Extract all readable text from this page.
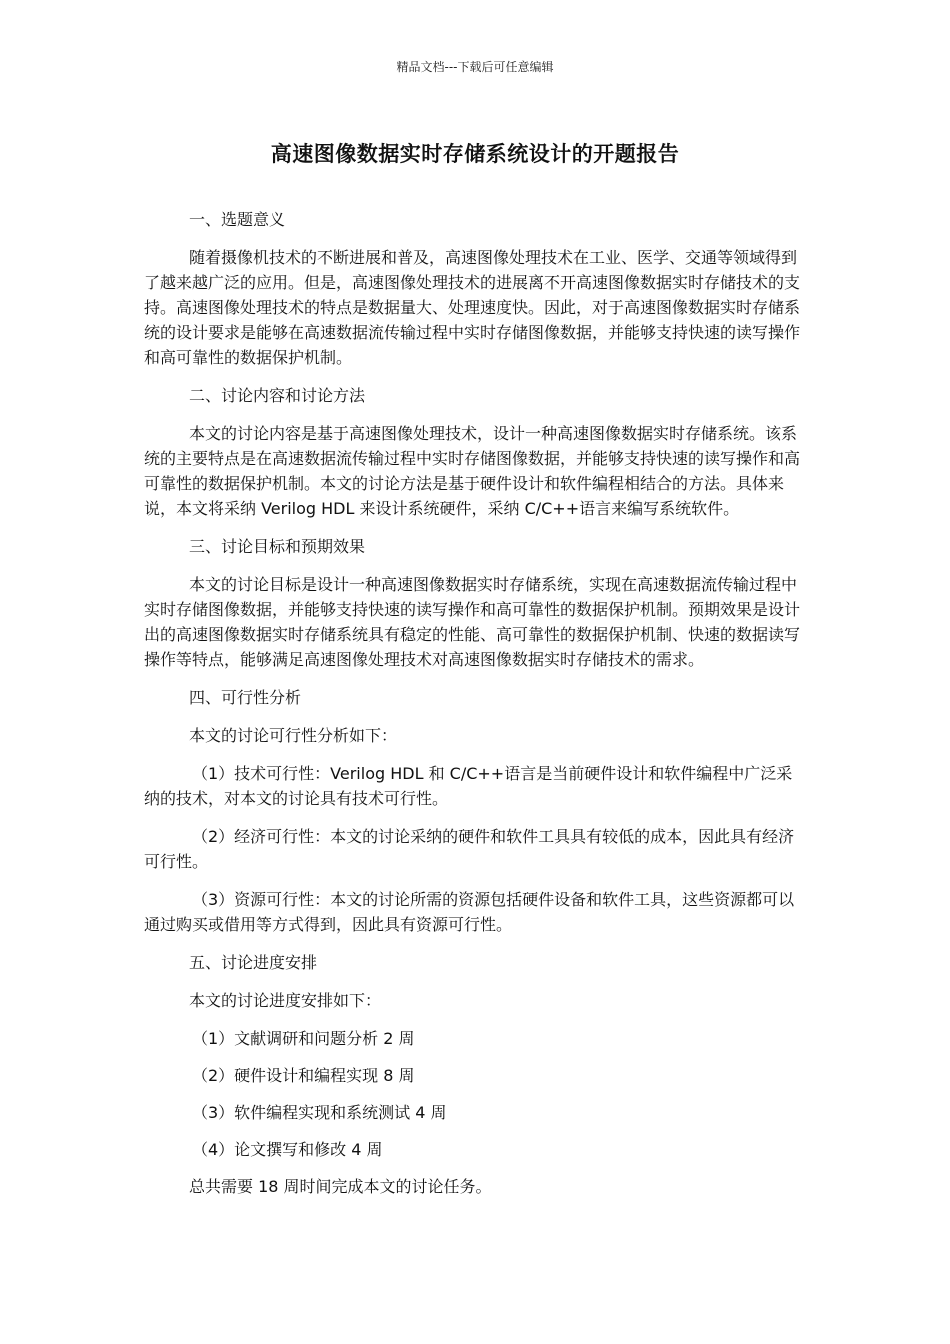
精品文档---下载后可任意编辑
高速图像数据实时存储系统设计的开题报告
一、选题意义
随着摄像机技术的不断进展和普及，高速图像处理技术在工业、医学、交通等领域得到了越来越广泛的应用。但是，高速图像处理技术的进展离不开高速图像数据实时存储技术的支持。高速图像处理技术的特点是数据量大、处理速度快。因此，对于高速图像数据实时存储系统的设计要求是能够在高速数据流传输过程中实时存储图像数据，并能够支持快速的读写操作和高可靠性的数据保护机制。
二、讨论内容和讨论方法
本文的讨论内容是基于高速图像处理技术，设计一种高速图像数据实时存储系统。该系统的主要特点是在高速数据流传输过程中实时存储图像数据，并能够支持快速的读写操作和高可靠性的数据保护机制。本文的讨论方法是基于硬件设计和软件编程相结合的方法。具体来说，本文将采纳 Verilog HDL 来设计系统硬件，采纳 C/C++语言来编写系统软件。
三、讨论目标和预期效果
本文的讨论目标是设计一种高速图像数据实时存储系统，实现在高速数据流传输过程中实时存储图像数据，并能够支持快速的读写操作和高可靠性的数据保护机制。预期效果是设计出的高速图像数据实时存储系统具有稳定的性能、高可靠性的数据保护机制、快速的数据读写操作等特点，能够满足高速图像处理技术对高速图像数据实时存储技术的需求。
四、可行性分析
本文的讨论可行性分析如下：
（1）技术可行性：Verilog HDL 和 C/C++语言是当前硬件设计和软件编程中广泛采纳的技术，对本文的讨论具有技术可行性。
（2）经济可行性：本文的讨论采纳的硬件和软件工具具有较低的成本，因此具有经济可行性。
（3）资源可行性：本文的讨论所需的资源包括硬件设备和软件工具，这些资源都可以通过购买或借用等方式得到，因此具有资源可行性。
五、讨论进度安排
本文的讨论进度安排如下：
（1）文献调研和问题分析 2 周
（2）硬件设计和编程实现 8 周
（3）软件编程实现和系统测试 4 周
（4）论文撰写和修改 4 周
总共需要 18 周时间完成本文的讨论任务。
